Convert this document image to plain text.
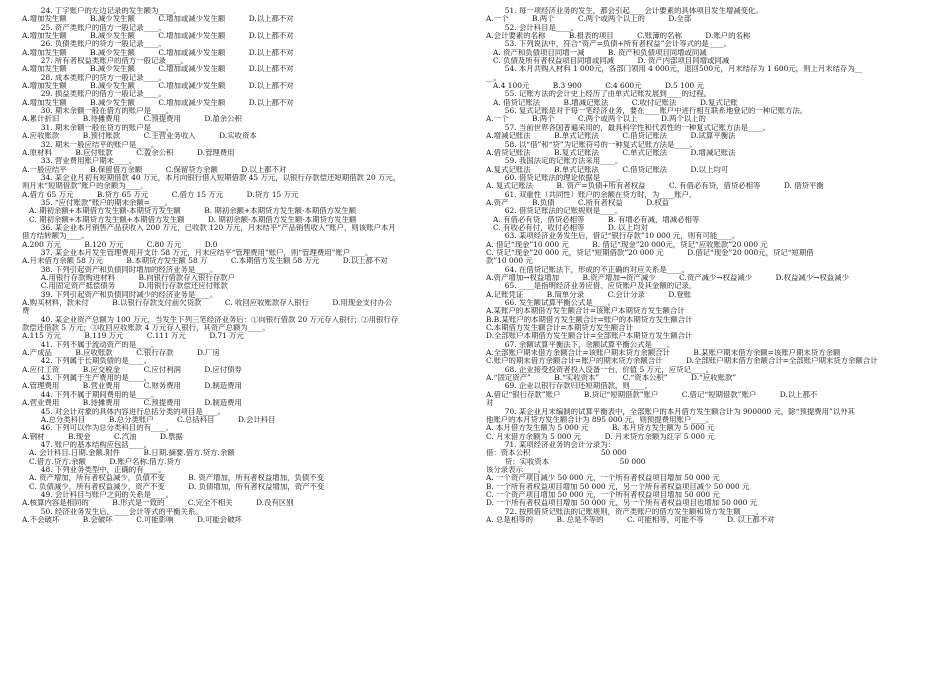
24. 丁字账户的左边记录的发生额为____。
A.增加发生额          B.减少发生额          C.增加或减少发生额          D.以上都不对
25. 资产类账户的借方一般记录____。
A.增加发生额          B.减少发生额          C.增加或减少发生额          D.以上都不对
26. 负债类账户的贷方一般记录____。
A.增加发生额          B.减少发生额          C.增加或减少发生额          D.以上都不对
27. 所有者权益类账户的借方一般记录____。
A.增加发生额          B.减少发生额          C.增加或减少发生额          D.以上都不对
28. 成本类账户的贷方一般记录____。
A.增加发生额          B.减少发生额          C.增加或减少发生额          D.以上都不对
29. 损益类账户的借方一般记录____。
A.增加发生额          B.减少发生额          C.增加或减少发生额          D.以上都不对
30. 期末余额一般在借方的账户是____。
A.累计折旧          B.待摊费用          C.预提费用          D.盈余公积
31. 期末余额一般在贷方的账户是____。
A.应收账款          B.预付账款          C.主营业务收入          D.实收资本
32. 期末一般应结平的账户是____。
A.原材料          B.应付账款          C.盈余公积          D.管理费用
33. 营业费用账户期末____。
A.一般应结平          B.保留借方余额          C.保留贷方余额          D.以上都不对
34. 某企业月初有短期借款 40 万元，本月向银行借入短期借款 45 万元，以银行存款偿还短期借款 20 万元，
则月末“短期借款”账户的余额为____。
A.借方 65 万元          B.贷方 65 万元          C.借方 15 万元          D.贷方 15 万元
35. “应付账款”账户的期末余额=____。
A. 期初余额+本期借方发生额-本期贷方发生额          B. 期初余额+本期贷方发生额-本期借方发生额
C. 期初余额+本期贷方发生额+本期借方发生额          D. 期初余额-本期借方发生额-本期贷方发生额
36. 某企业本月销售产品获收入 200 万元，已收款 120 万元，月末结平“产品销售收入”账户，则该账户本月
借方结转额为____。
A.200 万元          B.120 万元          C.80 万元          D.0
37. 某企业本月发生管理费用开支计 58 万元，月末应结平“管理费用”账户，则“管理费用”账户____。
A.月末借方余额 58 万元          B.本期贷方发生额 58 万          C.本期借方发生额 58 万元          D.以上都不对
38. 下列引起资产和负债同时增加的经济业务是____。
A.用银行存款购进材料          B.向银行借款存入银行存款户
C.用固定资产抵偿债务          D.用银行存款偿还应付账款
39. 下列引起资产和负债同时减少的经济业务是____。
A.购买材料，款未付          B.以银行存款支付前欠货款          C. 收回应收账款存入银行          D.用现金支付办公
费
40. 某企业资产总额为 100 万元，当发生下列三笔经济业务后：①向银行借款 20 万元存入银行；②用银行存
款偿还借款 5 万元；③收回应收账款 4 万元存入银行，其资产总额为____。
A.115 万元          B.119 万元          C.111 万元          D.71 万元
41. 下列不属于流动资产的是____。
A.产成品          B.应收账款          C.银行存款          D.厂房
42. 下列属于长期负债的是____。
A.应付工资          B.应交税金          C.应付利润          D.应付债券
43. 下列属于生产费用的是____。
A.管理费用          B.营业费用          C.财务费用          D.制造费用
44. 下列不属于期间费用的是____。
A.营业费用          B.待摊费用          C.预提费用          D.制造费用
45. 对会计对象的具体内容进行总括分类的项目是____。
A.总分类科目          B.总分类账户          C.总括科目          D.会计科目
46. 下列可以作为总分类科目的有____。
A.钢材          B.现金          C.汽油          D.票据
47. 账户的基本结构应包括____。
A. 会计科目.日期.金额.附件          B.日期.摘要.借方.贷方.余额
C.借方.贷方.余额          D.账户名称.借方.贷方
48. 下列业务类型中，正确的有____。
A. 资产增加，所有者权益减少，负债不变          B. 资产增加，所有者权益增加，负债不变
C. 负债减少，所有者权益减少，资产不变          D. 负债增加，所有者权益增加，资产不变
49. 会计科目与账户之间的关系是____。
A.核算内容是相同的          B.形式是一致的          C.完全不相关          D.没有区别
50. 经济业务发生后，____会计等式的平衡关系。
A.不会破坏          B.会破坏          C.可能影响          D.可能会破坏
51. 每一项经济业务的发生，都会引起____会计要素的具体项目发生增减变化。
A.一个          B.两个          C.两个或两个以上的          D.全部
52. 会计科目是____。
A.会计要素的名称          B.报表的项目          C.账簿的名称          D.账户的名称
53. 下列说法中，符合“资产=负债+所有者权益”会计等式的是____。
A. 资产和负债项目同增一减          B. 资产和负债项目同增或同减
C. 负债及所有者权益项目同增或同减          D. 资产内部项目同增或同减
54. 本月共购入材料 1 000元，各部门领用 4 000元，退回500元，月末结存为 1 600元，则上月末结存为__
__。
A.4 100元          B.3 900          C.4 600元          D.5 100 元
55. 记账方法的会计史上经历了由单式记账发展到____的过程。
A. 借贷记账法          B.增减记账法          C.收付记账法          D.复式记账
56. 复式记账是对于每一笔经济业务，要在____账户中进行相互联系地登记的一种记账方法。
A.一个          B.两个          C.两个或两个以上          D.两个以上的
57. 当前世界各国普遍采用的，最具科学性和代表性的一种复式记账方法是____。
A.增减记账法          B.单式记账法          C.借贷记账法          D.试算平衡法
58. 以“借”和“贷”为记账符号的一种复式记账方法是____。
A.借贷记账法          B.复式记账法          C.单式记账法          D.增减记账法
59. 我国法定的记账方法采用____。
A.复式记账法          B.单式记账法          C.借贷记账法          D.以上均可
60. 借贷记账法的理论依据是 ____。
A. 复式记账法          B. 资产=负债+所有者权益          C. 有借必有贷，借贷必相等          D. 借贷平衡
61. 双重性（共同性）账户的余额在贷方时，为____账户。
A.资产          B.负债          C.所有者权益          D.权益
62. 借贷记账法的记账规则是____。
A. 有借必有贷，借贷必相等          B. 有增必有减，增减必相等
C. 有收必有付，收付必相等          D. 以上均对
63. 某项经济业务发生后，借记“银行存款”10 000 元，则有可能____。
A. 借记“现金”10 000 元          B. 借记“现金”20 000元，贷记“应收账款”20 000 元
C. 贷记“现金”20 000 元，贷记“短期借款”20 000 元          D.借记“现金”20 000元，贷记“短期借
款”10 000 元
64. 在借贷记账法下，形成的不正确的对应关系是____。
A.资产增加→权益增加          B.资产增加→资产减少          C.资产减少→权益减少          D.权益减少→权益减少
65. ____是指明经济业务应借、应贷账户及其金额的记录。
A.记账凭证          B.简单分录          C.会计分录          D.登账
66. 发生额试算平衡公式是____。
A.某账户的本期借方发生额合计=该账户本期贷方发生额合计
B.B.某账户的本期借方发生额合计=账户的本期贷方发生额合计
C.本期借方发生额合计=本期贷方发生额合计
D.全部账户本期借方发生额合计=全部账户本期贷方发生额合计
67. 余额试算平衡法下，余额试算平衡公式是____。
A.全部账户期末借方余额合计=该账户期末贷方余额合计          B.某账户期末借方余额=该账户期末贷方余额
C.账户的期末借方余额合计=账户的期末贷方余额合计          D.全部账户期末借方余额合计=全部账户期末贷方余额合计
68. 企业接受投资者投入设备一台，价值 5 万元，应贷记____。
A.“固定资产”          B.“实收资本”          C.“资本公积”          D.“应收账款”
69. 企业以银行存款归还短期借款，则____。
A.借记“银行存款”账户          B.贷记“短期借款”账户          C.借记“短期借款”账户          D.以上都不
对
70. 某企业月末编制的试算平衡表中，全部账户的本月借方发生额合计为 900000 元，除“预提费用”以外其
他账户的本月贷方发生额合计为 895 000 元，则预提费用账户____。
A. 本月借方发生额为 5 000 元          B. 本月贷方发生额为 5 000 元
C. 月末借方余额为 5 000 元          D. 月末贷方余额为红字 5 000 元
71. 某项经济业务的会计分录为：
借：资本公积                              50 000
贷：实收资本                              50 000
该分录表示____。
A. 一个资产项目减少 50 000 元，一个所有者权益项目增加 50 000 元
B. 一个所有者权益项目增加 50 000 元，另一个所有者权益项目减少 50 000 元
C. 一个资产项目增加 50 000 元，一个所有者权益项目增加 50 000 元
D. 一个所有者权益项目增加 50 000 元，另一个所有者权益项目也增加 50 000 元
72. 按照借贷记账法的记账规则，资产类账户的借方发生额和贷方发生额____。
A. 总是相等的          B. 总是不等的          C. 可能相等，可能不等          D. 以上都不对
